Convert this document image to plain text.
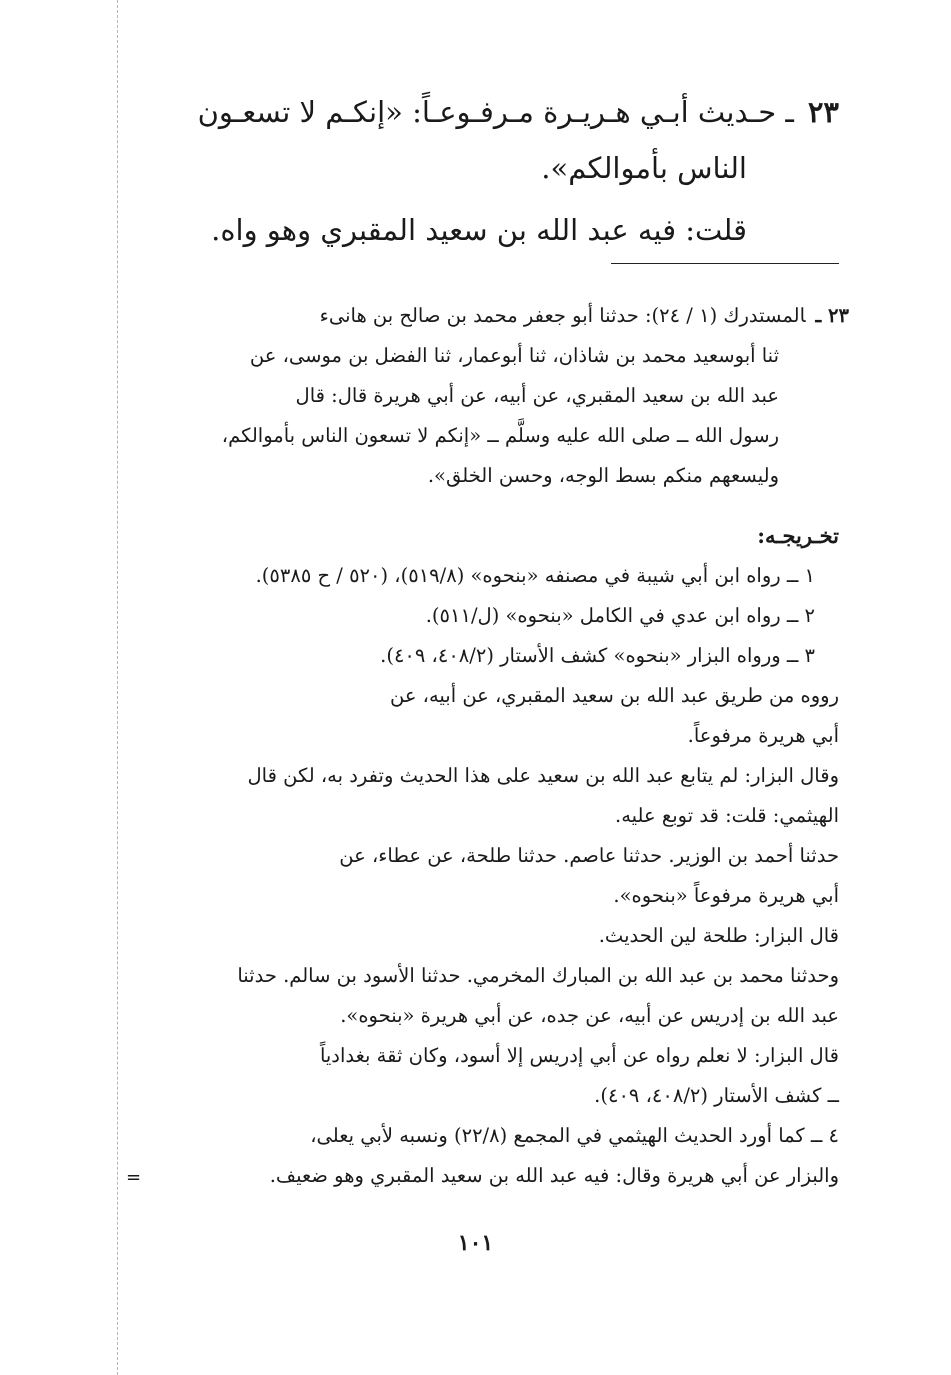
٢٣ـ حـديث أبـي هـريـرة مـرفـوعـاً: «إنكـم لا تسعـون
الناس بأموالكم».
قلت: فيه عبد الله بن سعيد المقبري وهو واه.
٢٣ ـالمستدرك (١ / ٢٤): حدثنا أبو جعفر محمد بن صالح بن هانىء
ثنا أبوسعيد محمد بن شاذان، ثنا أبوعمار، ثنا الفضل بن موسى، عن
عبد الله بن سعيد المقبري، عن أبيه، عن أبي هريرة قال: قال
رسول الله ــ صلى الله عليه وسلَّم ــ «إنكم لا تسعون الناس بأموالكم،
وليسعهم منكم بسط الوجه، وحسن الخلق».
تخـريجـه:
١ ــ رواه ابن أبي شيبة في مصنفه «بنحوه» (٥١٩/٨)، (٥٢٠ / ح ٥٣٨٥).
٢ ــ رواه ابن عدي في الكامل «بنحوه» (ل/٥١١).
٣ ــ ورواه البزار «بنحوه» كشف الأستار (٤٠٨/٢، ٤٠٩).
رووه من طريق عبد الله بن سعيد المقبري، عن أبيه، عن
أبي هريرة مرفوعاً.
وقال البزار: لم يتابع عبد الله بن سعيد على هذا الحديث وتفرد به، لكن قال
الهيثمي: قلت: قد توبع عليه.
حدثنا أحمد بن الوزير. حدثنا عاصم. حدثنا طلحة، عن عطاء، عن
أبي هريرة مرفوعاً «بنحوه».
قال البزار: طلحة لين الحديث.
وحدثنا محمد بن عبد الله بن المبارك المخرمي. حدثنا الأسود بن سالم. حدثنا
عبد الله بن إدريس عن أبيه، عن جده، عن أبي هريرة «بنحوه».
قال البزار: لا نعلم رواه عن أبي إدريس إلا أسود، وكان ثقة بغدادياً
ــ كشف الأستار (٤٠٨/٢، ٤٠٩).
٤ ــ كما أورد الحديث الهيثمي في المجمع (٢٢/٨) ونسبه لأبي يعلى،
والبزار عن أبي هريرة وقال: فيه عبد الله بن سعيد المقبري وهو ضعيف.
=
١٠١
